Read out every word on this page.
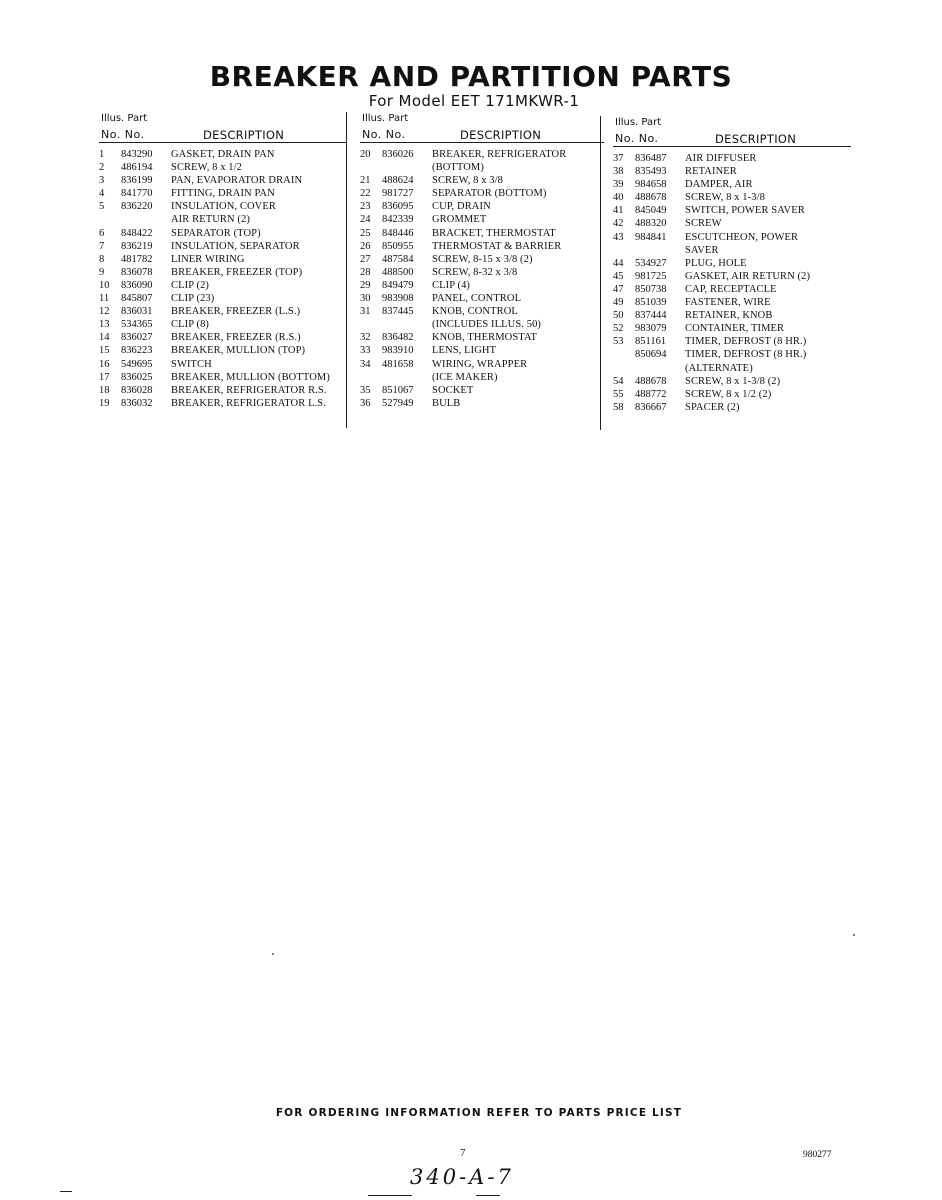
BREAKER AND PARTITION PARTS
For Model EET 171MKWR-1
Illus. Part
No. No.	DESCRIPTION
1	843290	GASKET, DRAIN PAN
2	486194	SCREW, 8 x 1/2
3	836199	PAN, EVAPORATOR DRAIN
4	841770	FITTING, DRAIN PAN
5	836220	INSULATION, COVER
AIR RETURN (2)
6	848422	SEPARATOR (TOP)
7	836219	INSULATION, SEPARATOR
8	481782	LINER WIRING
9	836078	BREAKER, FREEZER (TOP)
10	836090	CLIP (2)
11	845807	CLIP (23)
12	836031	BREAKER, FREEZER (L.S.)
13	534365	CLIP (8)
14	836027	BREAKER, FREEZER (R.S.)
15	836223	BREAKER, MULLION (TOP)
16	549695	SWITCH
17	836025	BREAKER, MULLION (BOTTOM)
18	836028	BREAKER, REFRIGERATOR R.S.
19	836032	BREAKER, REFRIGERATOR L.S.
Illus. Part
No. No.	DESCRIPTION
20	836026	BREAKER, REFRIGERATOR
(BOTTOM)
21	488624	SCREW, 8 x 3/8
22	981727	SEPARATOR (BOTTOM)
23	836095	CUP, DRAIN
24	842339	GROMMET
25	848446	BRACKET, THERMOSTAT
26	850955	THERMOSTAT & BARRIER
27	487584	SCREW, 8-15 x 3/8 (2)
28	488500	SCREW, 8-32 x 3/8
29	849479	CLIP (4)
30	983908	PANEL, CONTROL
31	837445	KNOB, CONTROL
(INCLUDES ILLUS. 50)
32	836482	KNOB, THERMOSTAT
33	983910	LENS, LIGHT
34	481658	WIRING, WRAPPER
(ICE MAKER)
35	851067	SOCKET
36	527949	BULB
Illus. Part
No. No.	DESCRIPTION
37	836487	AIR DIFFUSER
38	835493	RETAINER
39	984658	DAMPER, AIR
40	488678	SCREW, 8 x 1-3/8
41	845049	SWITCH, POWER SAVER
42	488320	SCREW
43	984841	ESCUTCHEON, POWER
SAVER
44	534927	PLUG, HOLE
45	981725	GASKET, AIR RETURN (2)
47	850738	CAP, RECEPTACLE
49	851039	FASTENER, WIRE
50	837444	RETAINER, KNOB
52	983079	CONTAINER, TIMER
53	851161	TIMER, DEFROST (8 HR.)
850694	TIMER, DEFROST (8 HR.)
(ALTERNATE)
54	488678	SCREW, 8 x 1-3/8 (2)
55	488772	SCREW, 8 x 1/2 (2)
58	836667	SPACER (2)
FOR ORDERING INFORMATION REFER TO PARTS PRICE LIST
7	980277
340-A-7
